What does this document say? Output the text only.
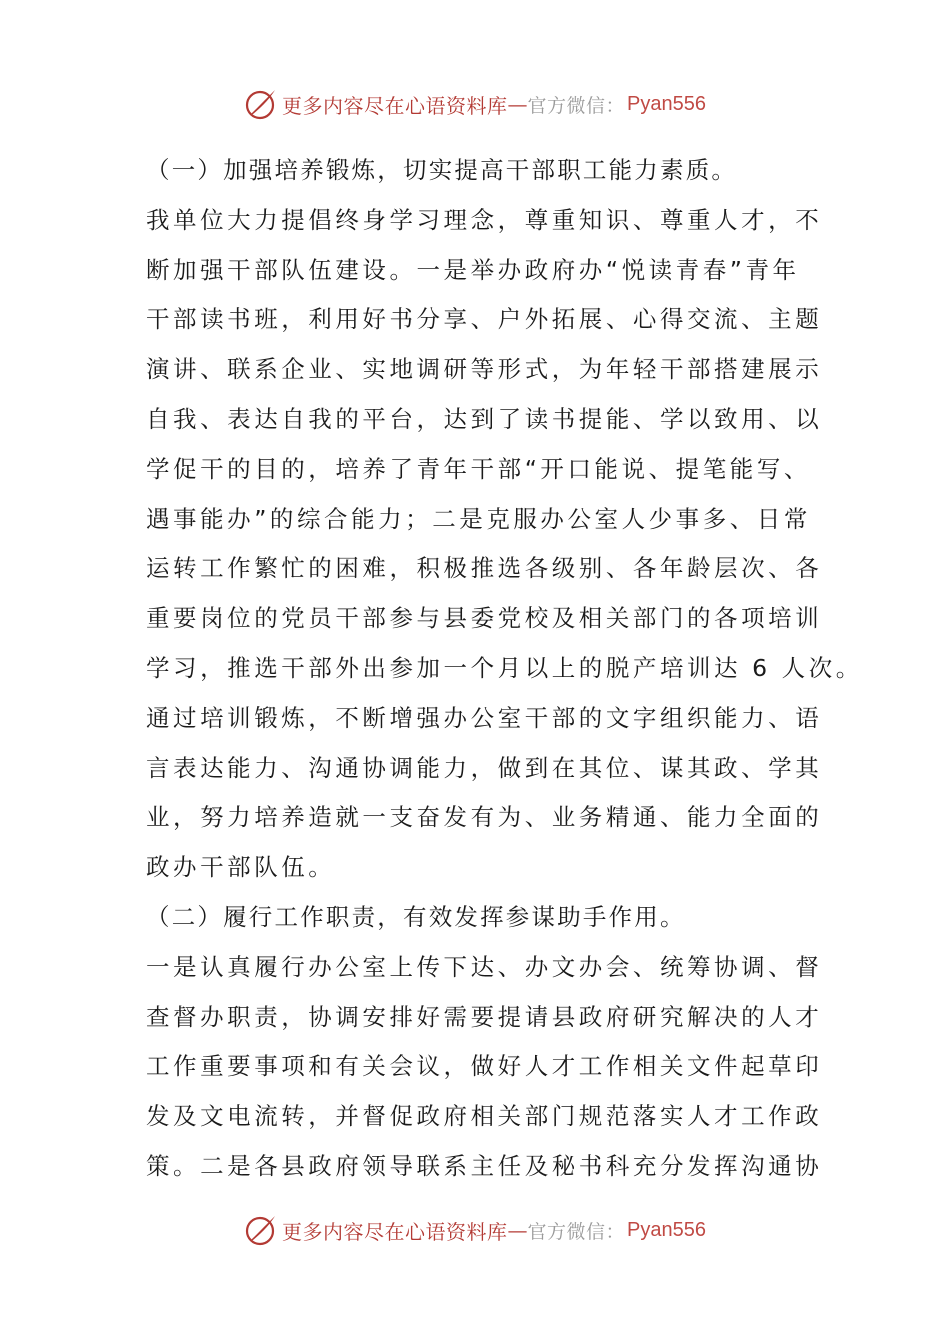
更多内容尽在心语资料库 — 官方微信： Pyan556
（一）加强培养锻炼，切实提高干部职工能力素质。
我单位大力提倡终身学习理念，尊重知识、尊重人才，不
断加强干部队伍建设。一是举办政府办“悦读青春”青年
干部读书班，利用好书分享、户外拓展、心得交流、主题
演讲、联系企业、实地调研等形式，为年轻干部搭建展示
自我、表达自我的平台，达到了读书提能、学以致用、以
学促干的目的，培养了青年干部“开口能说、提笔能写、
遇事能办”的综合能力；二是克服办公室人少事多、日常
运转工作繁忙的困难，积极推选各级别、各年龄层次、各
重要岗位的党员干部参与县委党校及相关部门的各项培训
学习，推选干部外出参加一个月以上的脱产培训达 6 人次。
通过培训锻炼，不断增强办公室干部的文字组织能力、语
言表达能力、沟通协调能力，做到在其位、谋其政、学其
业，努力培养造就一支奋发有为、业务精通、能力全面的
政办干部队伍。
（二）履行工作职责，有效发挥参谋助手作用。
一是认真履行办公室上传下达、办文办会、统筹协调、督
查督办职责，协调安排好需要提请县政府研究解决的人才
工作重要事项和有关会议，做好人才工作相关文件起草印
发及文电流转，并督促政府相关部门规范落实人才工作政
策。二是各县政府领导联系主任及秘书科充分发挥沟通协
更多内容尽在心语资料库 — 官方微信： Pyan556
